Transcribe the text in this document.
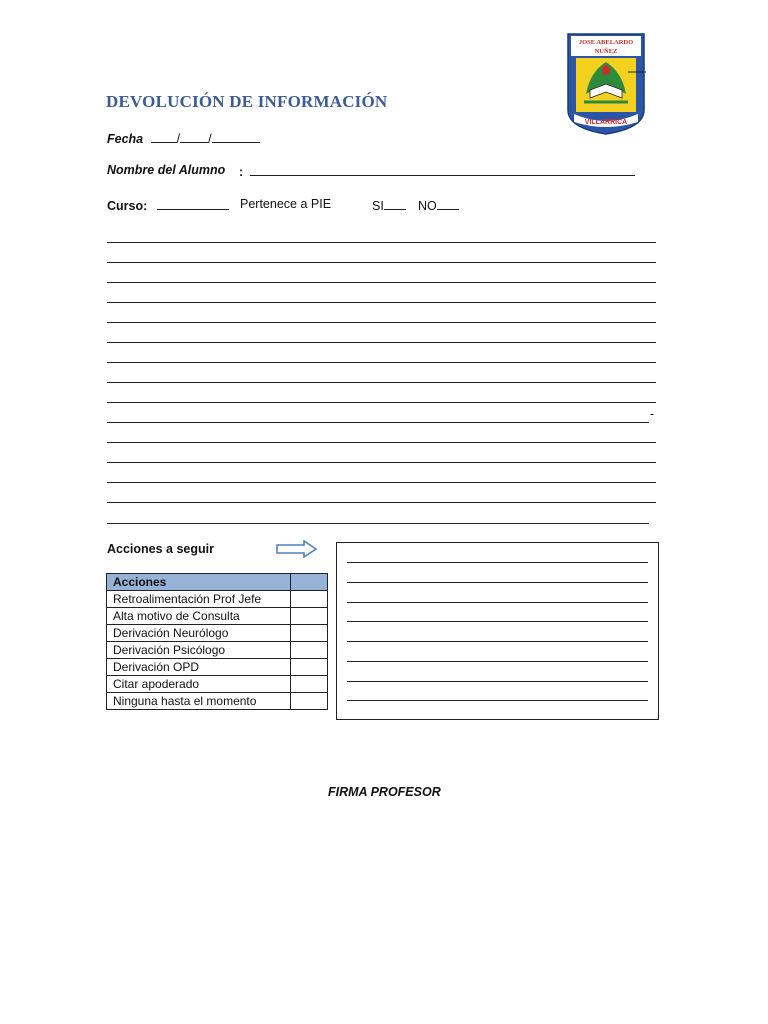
DEVOLUCIÓN DE INFORMACIÓN
JOSE ABELARDO
NUÑEZ
VILLARRICA
Fecha	/ /
Nombre del Alumno :
Curso:	Pertenece a PIE	SI	NO
-
Acciones a seguir
Acciones	
Retroalimentación Prof Jefe	
Alta motivo de Consulta	
Derivación Neurólogo	
Derivación Psicólogo	
Derivación OPD	
Citar apoderado	
Ninguna hasta el momento	
FIRMA PROFESOR
